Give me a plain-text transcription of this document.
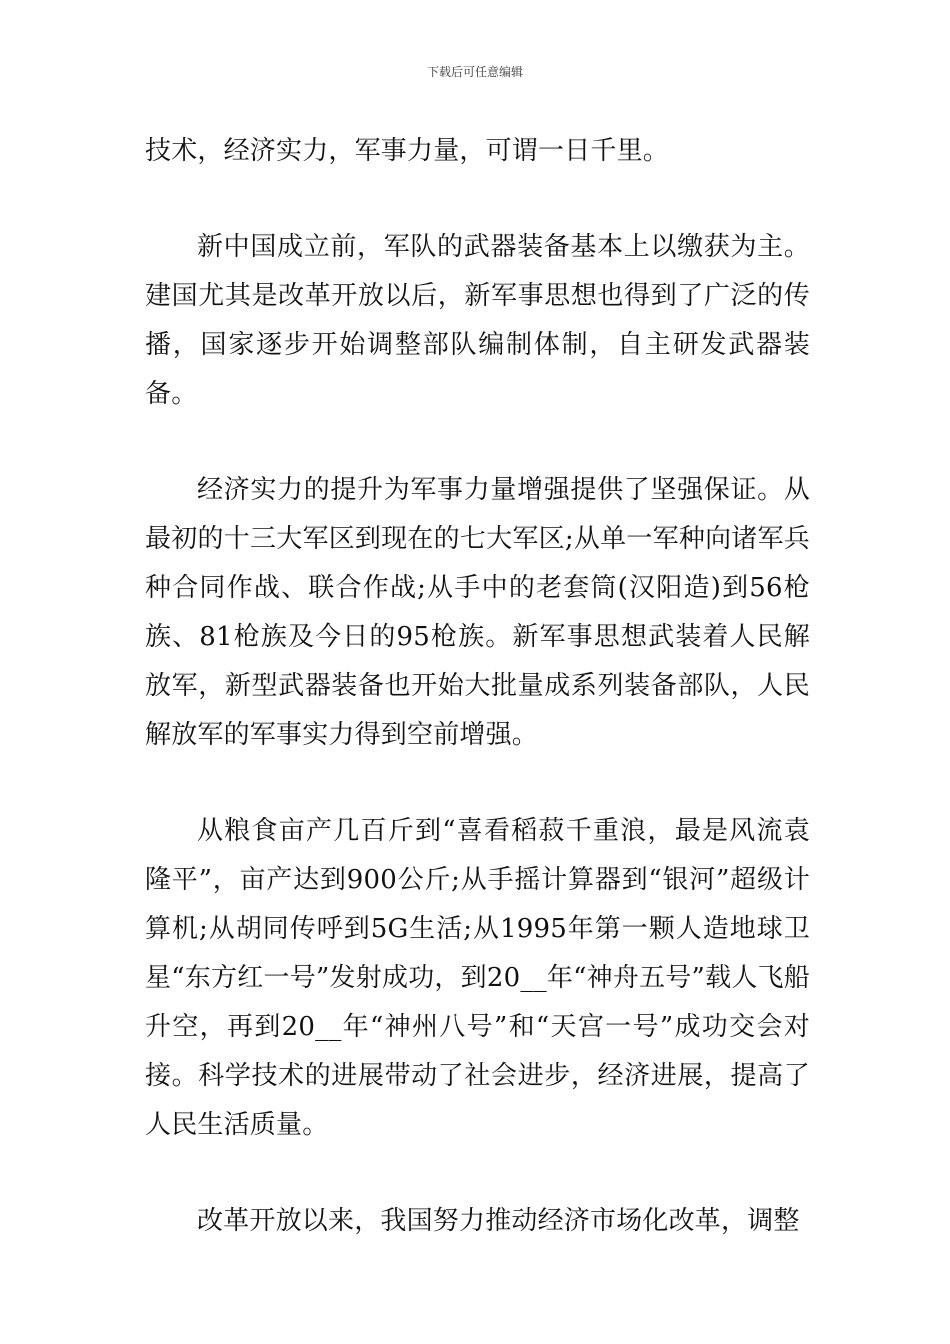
下载后可任意编辑

技术，经济实力，军事力量，可谓一日千里。

新中国成立前，军队的武器装备基本上以缴获为主。建国尤其是改革开放以后，新军事思想也得到了广泛的传播，国家逐步开始调整部队编制体制，自主研发武器装备。

经济实力的提升为军事力量增强提供了坚强保证。从最初的十三大军区到现在的七大军区;从单一军种向诸军兵种合同作战、联合作战;从手中的老套筒(汉阳造)到56枪族、81枪族及今日的95枪族。新军事思想武装着人民解放军，新型武器装备也开始大批量成系列装备部队，人民解放军的军事实力得到空前增强。

从粮食亩产几百斤到“喜看稻菽千重浪，最是风流袁隆平”，亩产达到900公斤;从手摇计算器到“银河”超级计算机;从胡同传呼到5G生活;从1995年第一颗人造地球卫星“东方红一号”发射成功，到20__年“神舟五号”载人飞船升空，再到20__年“神州八号”和“天宫一号”成功交会对接。科学技术的进展带动了社会进步，经济进展，提高了人民生活质量。

改革开放以来，我国努力推动经济市场化改革，调整
